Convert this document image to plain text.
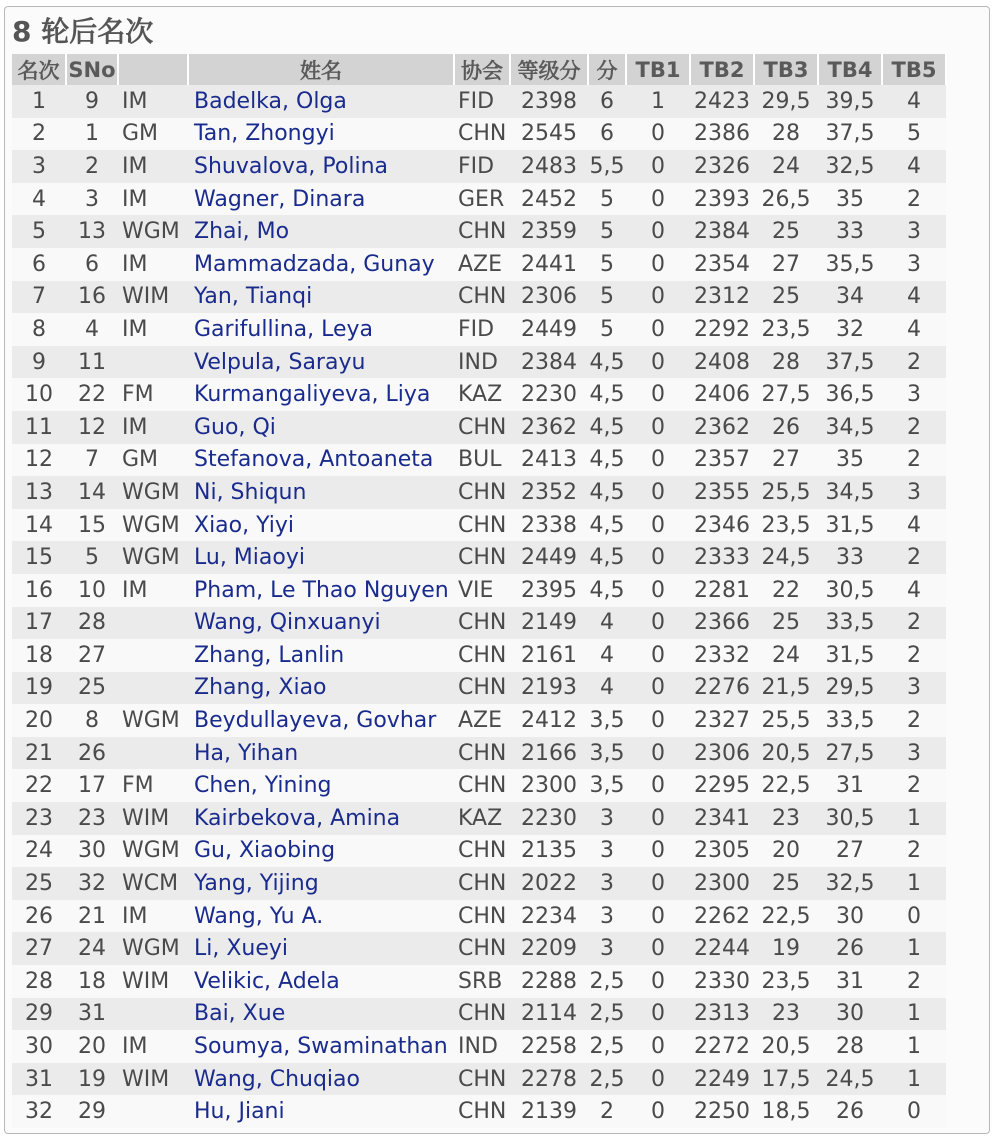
8 轮后名次
名次	SNo		姓名	协会	等级分	分	TB1	TB2	TB3	TB4	TB5
1	9	IM	Badelka, Olga	FID	2398	6	1	2423	29,5	39,5	4
2	1	GM	Tan, Zhongyi	CHN	2545	6	0	2386	28	37,5	5
3	2	IM	Shuvalova, Polina	FID	2483	5,5	0	2326	24	32,5	4
4	3	IM	Wagner, Dinara	GER	2452	5	0	2393	26,5	35	2
5	13	WGM	Zhai, Mo	CHN	2359	5	0	2384	25	33	3
6	6	IM	Mammadzada, Gunay	AZE	2441	5	0	2354	27	35,5	3
7	16	WIM	Yan, Tianqi	CHN	2306	5	0	2312	25	34	4
8	4	IM	Garifullina, Leya	FID	2449	5	0	2292	23,5	32	4
9	11		Velpula, Sarayu	IND	2384	4,5	0	2408	28	37,5	2
10	22	FM	Kurmangaliyeva, Liya	KAZ	2230	4,5	0	2406	27,5	36,5	3
11	12	IM	Guo, Qi	CHN	2362	4,5	0	2362	26	34,5	2
12	7	GM	Stefanova, Antoaneta	BUL	2413	4,5	0	2357	27	35	2
13	14	WGM	Ni, Shiqun	CHN	2352	4,5	0	2355	25,5	34,5	3
14	15	WGM	Xiao, Yiyi	CHN	2338	4,5	0	2346	23,5	31,5	4
15	5	WGM	Lu, Miaoyi	CHN	2449	4,5	0	2333	24,5	33	2
16	10	IM	Pham, Le Thao Nguyen	VIE	2395	4,5	0	2281	22	30,5	4
17	28		Wang, Qinxuanyi	CHN	2149	4	0	2366	25	33,5	2
18	27		Zhang, Lanlin	CHN	2161	4	0	2332	24	31,5	2
19	25		Zhang, Xiao	CHN	2193	4	0	2276	21,5	29,5	3
20	8	WGM	Beydullayeva, Govhar	AZE	2412	3,5	0	2327	25,5	33,5	2
21	26		Ha, Yihan	CHN	2166	3,5	0	2306	20,5	27,5	3
22	17	FM	Chen, Yining	CHN	2300	3,5	0	2295	22,5	31	2
23	23	WIM	Kairbekova, Amina	KAZ	2230	3	0	2341	23	30,5	1
24	30	WGM	Gu, Xiaobing	CHN	2135	3	0	2305	20	27	2
25	32	WCM	Yang, Yijing	CHN	2022	3	0	2300	25	32,5	1
26	21	IM	Wang, Yu A.	CHN	2234	3	0	2262	22,5	30	0
27	24	WGM	Li, Xueyi	CHN	2209	3	0	2244	19	26	1
28	18	WIM	Velikic, Adela	SRB	2288	2,5	0	2330	23,5	31	2
29	31		Bai, Xue	CHN	2114	2,5	0	2313	23	30	1
30	20	IM	Soumya, Swaminathan	IND	2258	2,5	0	2272	20,5	28	1
31	19	WIM	Wang, Chuqiao	CHN	2278	2,5	0	2249	17,5	24,5	1
32	29		Hu, Jiani	CHN	2139	2	0	2250	18,5	26	0
